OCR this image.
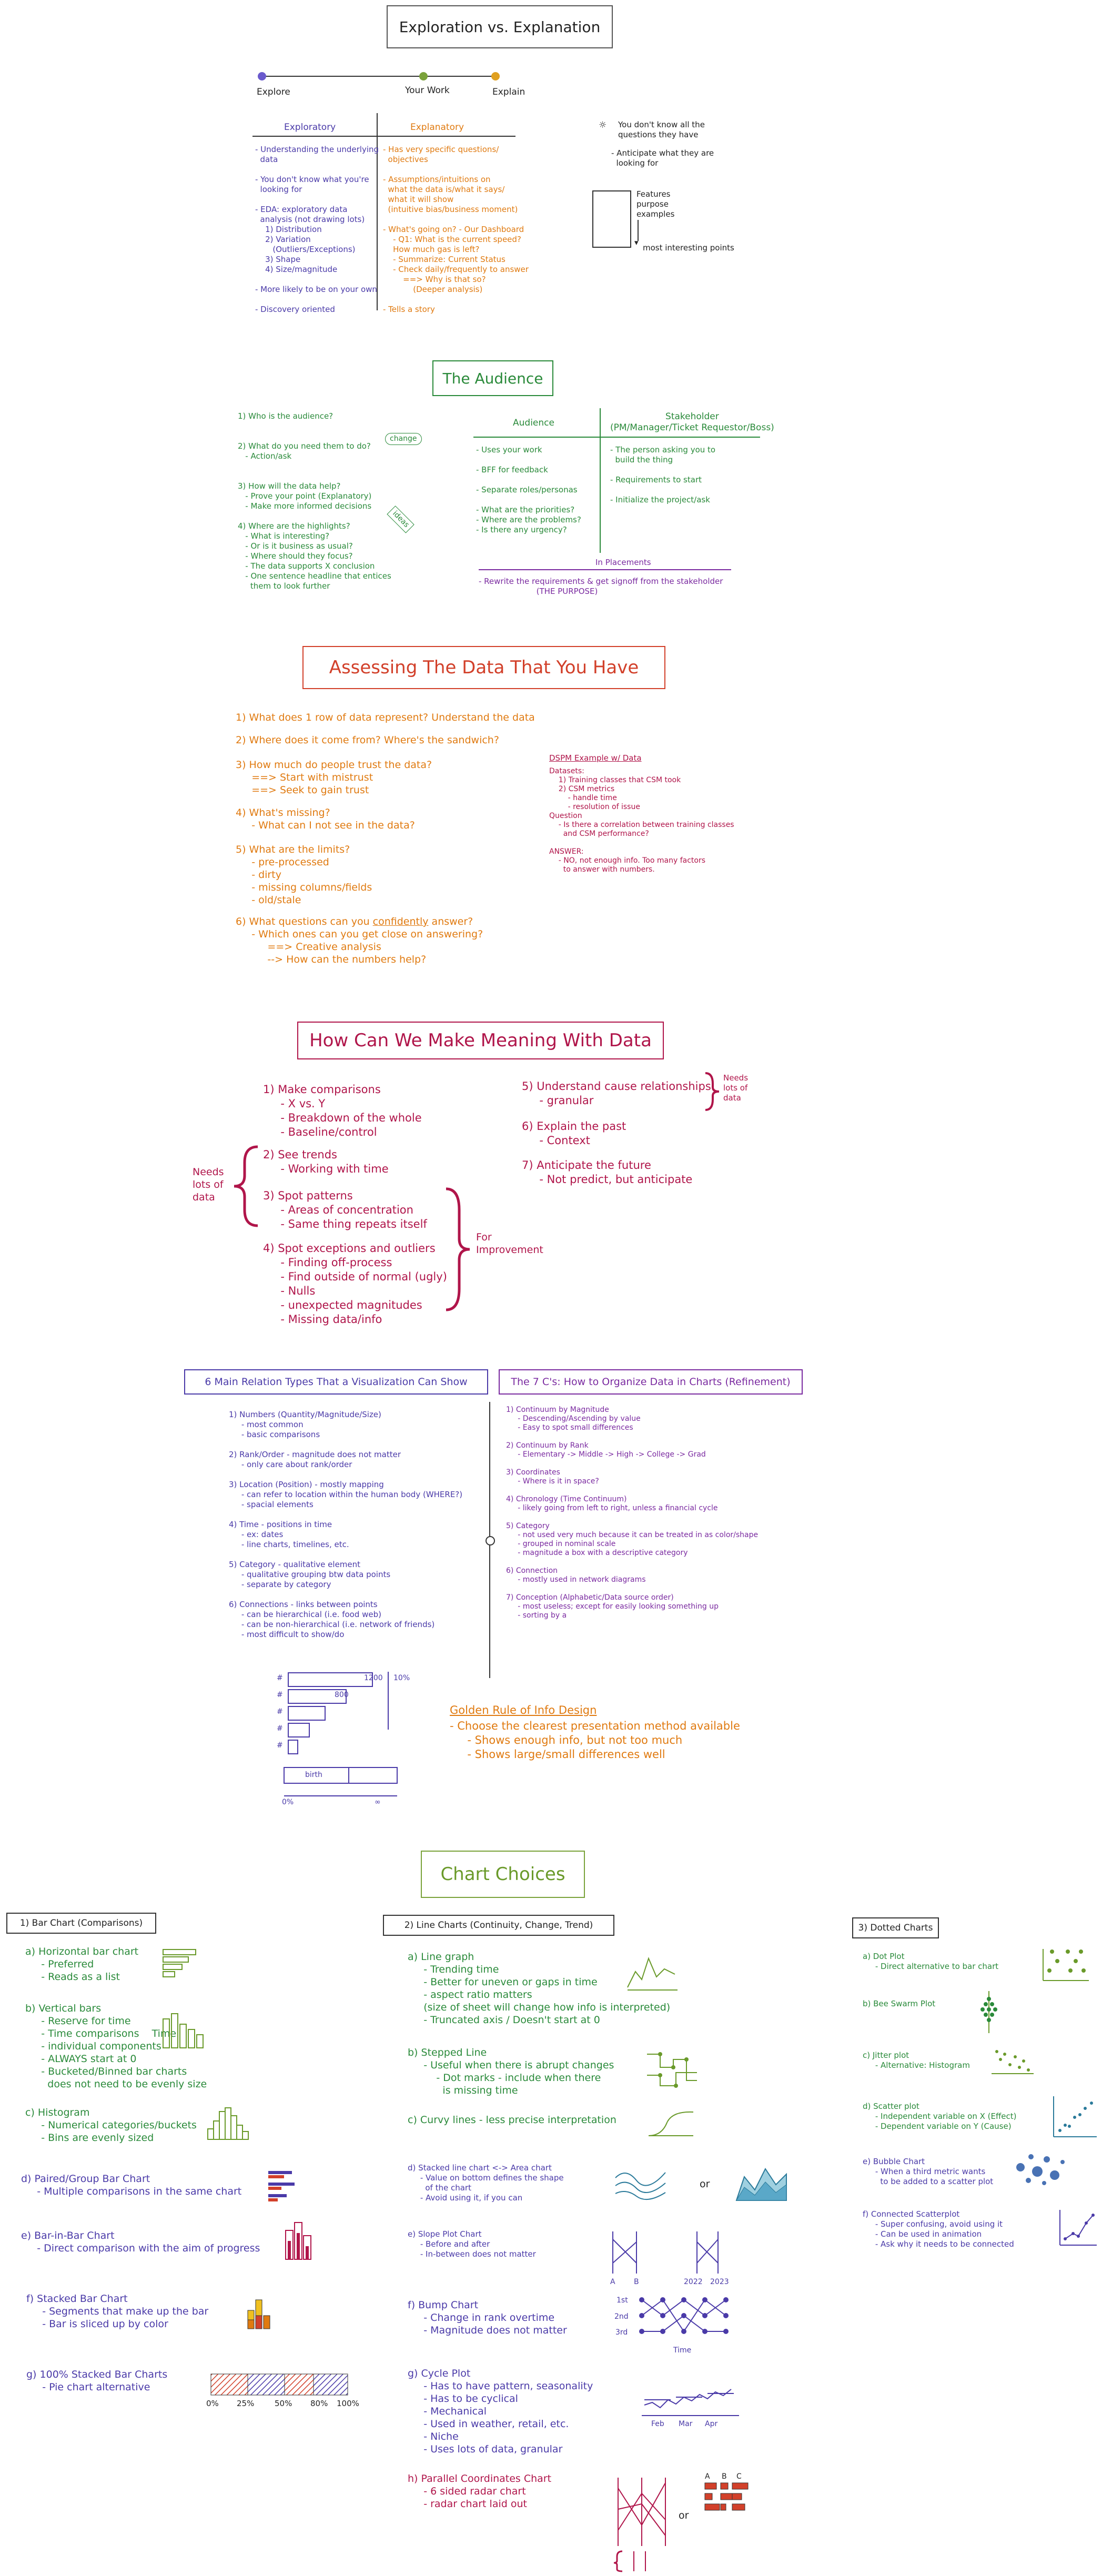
Exploration vs. Explanation
Explore	Your Work	Explain
Exploratory	Explanatory
- Understanding the underlying
data

- You don't know what you're
looking for

- EDA: exploratory data
analysis (not drawing lots)
1) Distribution
2) Variation
(Outliers/Exceptions)
3) Shape
4) Size/magnitude

- More likely to be on your own

- Discovery oriented
- Has very specific questions/
objectives

- Assumptions/intuitions on
what the data is/what it says/
what it will show
(intuitive bias/business moment)

- What's going on? - Our Dashboard
- Q1: What is the current speed?
How much gas is left?
- Summarize: Current Status
- Check daily/frequently to answer
==> Why is that so?
(Deeper analysis)

- Tells a story
☼ You don't know all the
questions they have
- Anticipate what they are
looking for
Features
purpose
examples
▾
most interesting points
The Audience
1) Who is the audience?

2) What do you need them to do?
- Action/ask

3) How will the data help?
- Prove your point (Explanatory)
- Make more informed decisions

4) Where are the highlights?
- What is interesting?
- Or is it business as usual?
- Where should they focus?
- The data supports X conclusion
- One sentence headline that entices
them to look further
change
ideas
Audience
Stakeholder
(PM/Manager/Ticket Requestor/Boss)
- Uses your work

- BFF for feedback

- Separate roles/personas

- What are the priorities?
- Where are the problems?
- Is there any urgency?
- The person asking you to
build the thing

- Requirements to start

- Initialize the project/ask
In Placements
- Rewrite the requirements & get signoff from the stakeholder
(THE PURPOSE)
Assessing The Data That You Have
1) What does 1 row of data represent? Understand the data
2) Where does it come from? Where's the sandwich?
3) How much do people trust the data?
==> Start with mistrust
==> Seek to gain trust
4) What's missing?
- What can I not see in the data?
5) What are the limits?
- pre-processed
- dirty
- missing columns/fields
- old/stale
6) What questions can you confidently answer?
- Which ones can you get close on answering?
==> Creative analysis
--> How can the numbers help?
DSPM Example w/ Data
Datasets:
1) Training classes that CSM took
2) CSM metrics
- handle time
- resolution of issue
Question
- Is there a correlation between training classes
and CSM performance?

ANSWER:
- NO, not enough info. Too many factors
to answer with numbers.
How Can We Make Meaning With Data
1) Make comparisons
- X vs. Y
- Breakdown of the whole
- Baseline/control
2) See trends
- Working with time
3) Spot patterns
- Areas of concentration
- Same thing repeats itself
4) Spot exceptions and outliers
- Finding off-process
- Find outside of normal (ugly)
- Nulls
- unexpected magnitudes
- Missing data/info
5) Understand cause relationships
- granular
6) Explain the past
- Context
7) Anticipate the future
- Not predict, but anticipate
Needs
lots of
data
Needs
lots of
data
For
Improvement
6 Main Relation Types That a Visualization Can Show	The 7 C's: How to Organize Data in Charts (Refinement)
1) Numbers (Quantity/Magnitude/Size)
- most common
- basic comparisons

2) Rank/Order - magnitude does not matter
- only care about rank/order

3) Location (Position) - mostly mapping
- can refer to location within the human body (WHERE?)
- spacial elements

4) Time - positions in time
- ex: dates
- line charts, timelines, etc.

5) Category - qualitative element
- qualitative grouping btw data points
- separate by category

6) Connections - links between points
- can be hierarchical (i.e. food web)
- can be non-hierarchical (i.e. network of friends)
- most difficult to show/do
1) Continuum by Magnitude
- Descending/Ascending by value
- Easy to spot small differences

2) Continuum by Rank
- Elementary -> Middle -> High -> College -> Grad

3) Coordinates
- Where is it in space?

4) Chronology (Time Continuum)
- likely going from left to right, unless a financial cycle

5) Category
- not used very much because it can be treated in as color/shape
- grouped in nominal scale
- magnitude a box with a descriptive category

6) Connection
- mostly used in network diagrams

7) Conception (Alphabetic/Data source order)
- most useless; except for easily looking something up
- sorting by a
#
#
#
#
#
1200
800
10%
birth
0%	∞
Golden Rule of Info Design
- Choose the clearest presentation method available
- Shows enough info, but not too much
- Shows large/small differences well
Chart Choices
1) Bar Chart (Comparisons)	2) Line Charts (Continuity, Change, Trend)	3) Dotted Charts
a) Horizontal bar chart
- Preferred
- Reads as a list
b) Vertical bars
- Reserve for time
- Time comparisons    Time
- individual components
- ALWAYS start at 0
- Bucketed/Binned bar charts
does not need to be evenly size
c) Histogram
- Numerical categories/buckets
- Bins are evenly sized
d) Paired/Group Bar Chart
- Multiple comparisons in the same chart
e) Bar-in-Bar Chart
- Direct comparison with the aim of progress
f) Stacked Bar Chart
- Segments that make up the bar
- Bar is sliced up by color
g) 100% Stacked Bar Charts
- Pie chart alternative
0% 25%	50% 80% 100%
a) Line graph
- Trending time
- Better for uneven or gaps in time
- aspect ratio matters
(size of sheet will change how info is interpreted)
- Truncated axis / Doesn't start at 0
b) Stepped Line
- Useful when there is abrupt changes
- Dot marks - include when there
is missing time
c) Curvy lines - less precise interpretation
d) Stacked line chart <-> Area chart
- Value on bottom defines the shape
of the chart
- Avoid using it, if you can
e) Slope Plot Chart
- Before and after
- In-between does not matter
f) Bump Chart
- Change in rank overtime
- Magnitude does not matter
g) Cycle Plot
- Has to have pattern, seasonality
- Has to be cyclical
- Mechanical
- Used in weather, retail, etc.
- Niche
- Uses lots of data, granular
h) Parallel Coordinates Chart
- 6 sided radar chart
- radar chart laid out
or
A	B	2022 2023
1st
2nd
3rd
Time
Feb Mar Apr
or
A B C
a) Dot Plot
- Direct alternative to bar chart
b) Bee Swarm Plot
c) Jitter plot
- Alternative: Histogram
d) Scatter plot
- Independent variable on X (Effect)
- Dependent variable on Y (Cause)
e) Bubble Chart
- When a third metric wants
to be added to a scatter plot
f) Connected Scatterplot
- Super confusing, avoid using it
- Can be used in animation
- Ask why it needs to be connected
